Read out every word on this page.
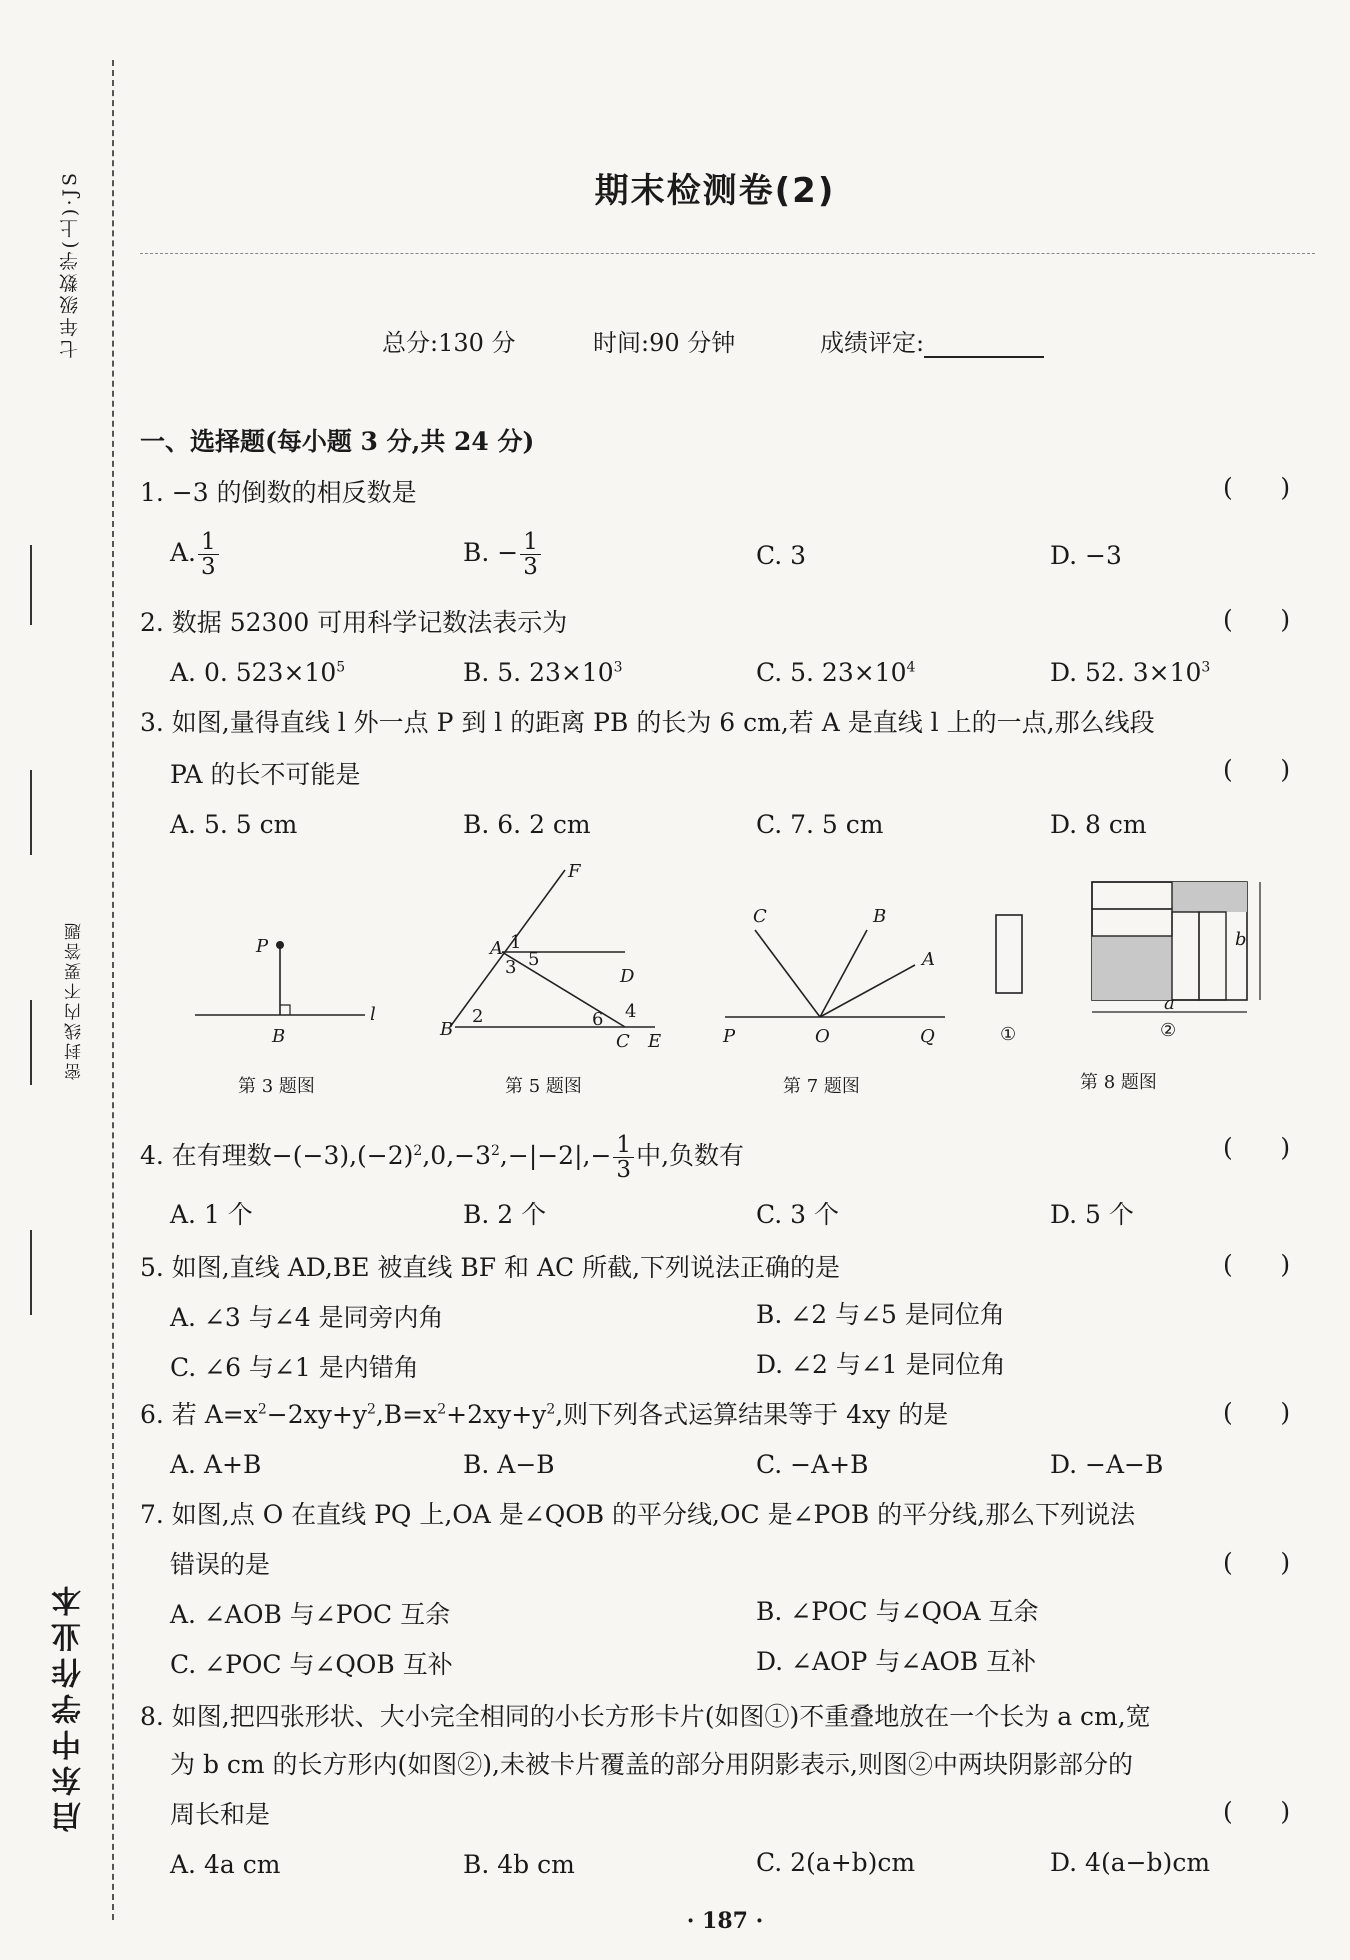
七年级数学(上)·JS
密封线内不要答题
启东中学作业本
期末检测卷(2)
总分:130 分	时间:90 分钟	成绩评定:
一、选择题(每小题 3 分,共 24 分)
1. −3 的倒数的相反数是	(      )
A. $\frac{1}{3}$	B. − $\frac{1}{3}$	C. 3	D. −3
2. 数据 52300 可用科学记数法表示为	(      )
A. 0. $523\times 10^5$	B. 5. $23\times 10^3$	C. 5. $23\times 10^4$	D. 52. $3\times 10^3$
3. 如图,量得直线 l 外一点 P 到 l 的距离 PB 的长为 6 cm,若 A 是直线 l 上的一点,那么线段
PA 的长不可能是	(      )
A. 5. 5 cm	B. 6. 2 cm	C. 7. 5 cm	D. 8 cm
P
B
l
F
A
D
B
C E
1
2
3
4
5
6
C	B
A
P	O	Q	①
a
b
②
第 3 题图	第 5 题图	第 7 题图	第 8 题图
4. 在有理数$-(-3),(-2)^2,0,-3^2,-|-2|,- \frac{1}{3}$ 中,负数有	(      )
A. 1 个	B. 2 个	C. 3 个	D. 5 个
5. 如图,直线 AD,BE 被直线 BF 和 AC 所截,下列说法正确的是	(      )
A. ∠3 与∠4 是同旁内角	B. ∠2 与∠5 是同位角
C. ∠6 与∠1 是内错角	D. ∠2 与∠1 是同位角
6. 若 $A=x^2-2xy+y^2,B=x^2+2xy+y^2$,则下列各式运算结果等于 4xy 的是	(      )
A. A+B	B. A−B	C. −A+B	D. −A−B
7. 如图,点 O 在直线 PQ 上,OA 是∠QOB 的平分线,OC 是∠POB 的平分线,那么下列说法
错误的是	(      )
A. ∠AOB 与∠POC 互余	B. ∠POC 与∠QOA 互余
C. ∠POC 与∠QOB 互补	D. ∠AOP 与∠AOB 互补
8. 如图,把四张形状、大小完全相同的小长方形卡片(如图①)不重叠地放在一个长为 a cm,宽
为 b cm 的长方形内(如图②),未被卡片覆盖的部分用阴影表示,则图②中两块阴影部分的
周长和是	(      )
A. 4a cm	B. 4b cm	C. 2(a+b)cm	D. 4(a−b)cm
· 187 ·
